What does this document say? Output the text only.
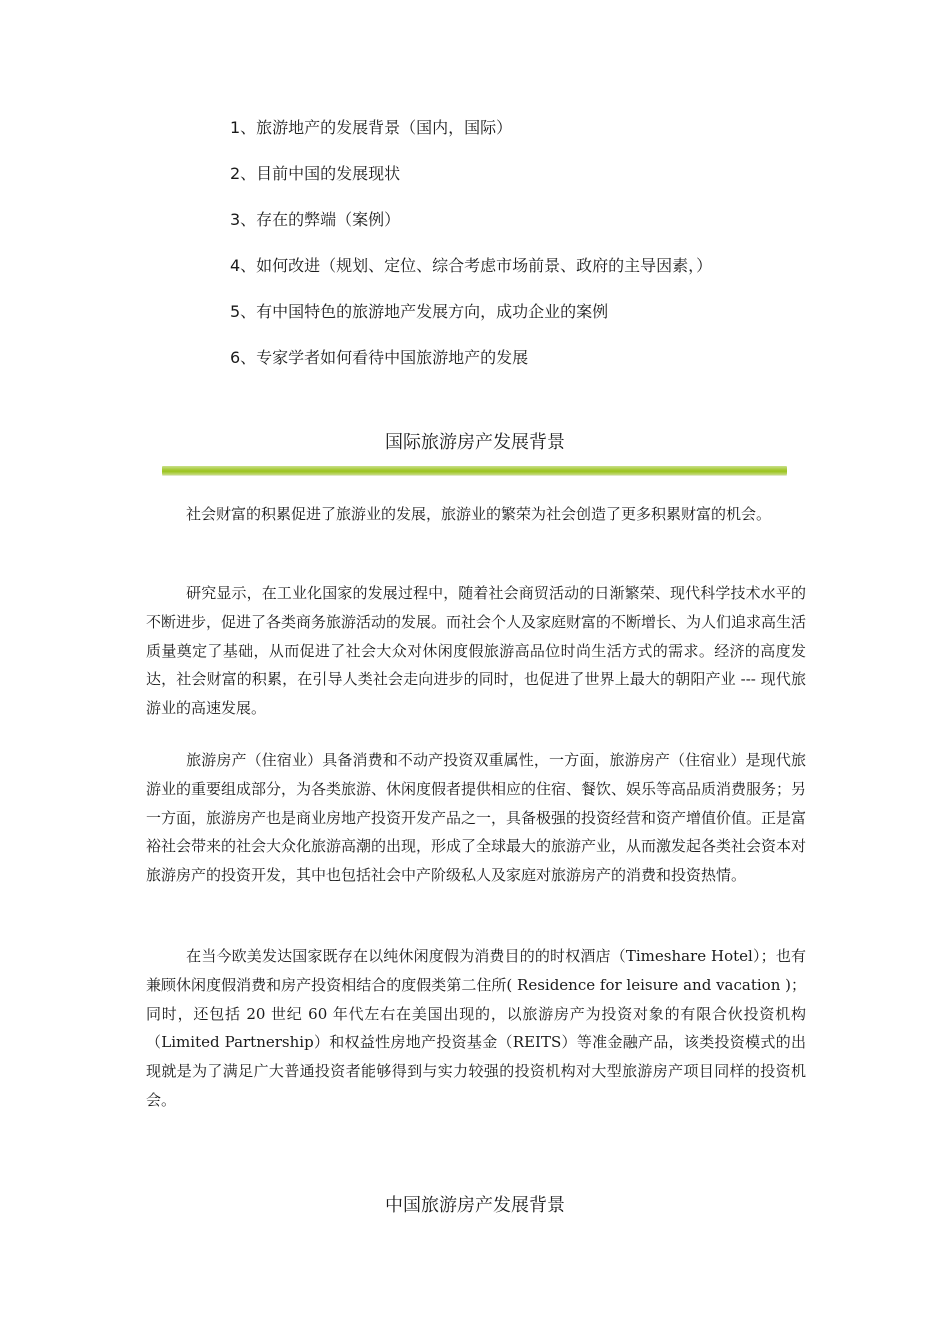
1、旅游地产的发展背景（国内，国际）
2、目前中国的发展现状
3、存在的弊端（案例）
4、如何改进（规划、定位、综合考虑市场前景、政府的主导因素，）
5、有中国特色的旅游地产发展方向，成功企业的案例
6、专家学者如何看待中国旅游地产的发展
国际旅游房产发展背景
社会财富的积累促进了旅游业的发展，旅游业的繁荣为社会创造了更多积累财富的机会。
研究显示，在工业化国家的发展过程中，随着社会商贸活动的日渐繁荣、现代科学技术水平的不断进步，促进了各类商务旅游活动的发展。而社会个人及家庭财富的不断增长、为人们追求高生活质量奠定了基础，从而促进了社会大众对休闲度假旅游高品位时尚生活方式的需求。经济的高度发达，社会财富的积累，在引导人类社会走向进步的同时，也促进了世界上最大的朝阳产业 --- 现代旅游业的高速发展。
旅游房产（住宿业）具备消费和不动产投资双重属性，一方面，旅游房产（住宿业）是现代旅游业的重要组成部分，为各类旅游、休闲度假者提供相应的住宿、餐饮、娱乐等高品质消费服务；另一方面，旅游房产也是商业房地产投资开发产品之一，具备极强的投资经营和资产增值价值。正是富裕社会带来的社会大众化旅游高潮的出现，形成了全球最大的旅游产业，从而激发起各类社会资本对旅游房产的投资开发，其中也包括社会中产阶级私人及家庭对旅游房产的消费和投资热情。
在当今欧美发达国家既存在以纯休闲度假为消费目的的时权酒店（Timeshare Hotel）；也有兼顾休闲度假消费和房产投资相结合的度假类第二住所( Residence for leisure and vacation )；同时，还包括 20 世纪 60 年代左右在美国出现的，以旅游房产为投资对象的有限合伙投资机构（Limited Partnership）和权益性房地产投资基金（REITS）等准金融产品，该类投资模式的出现就是为了满足广大普通投资者能够得到与实力较强的投资机构对大型旅游房产项目同样的投资机会。
中国旅游房产发展背景
